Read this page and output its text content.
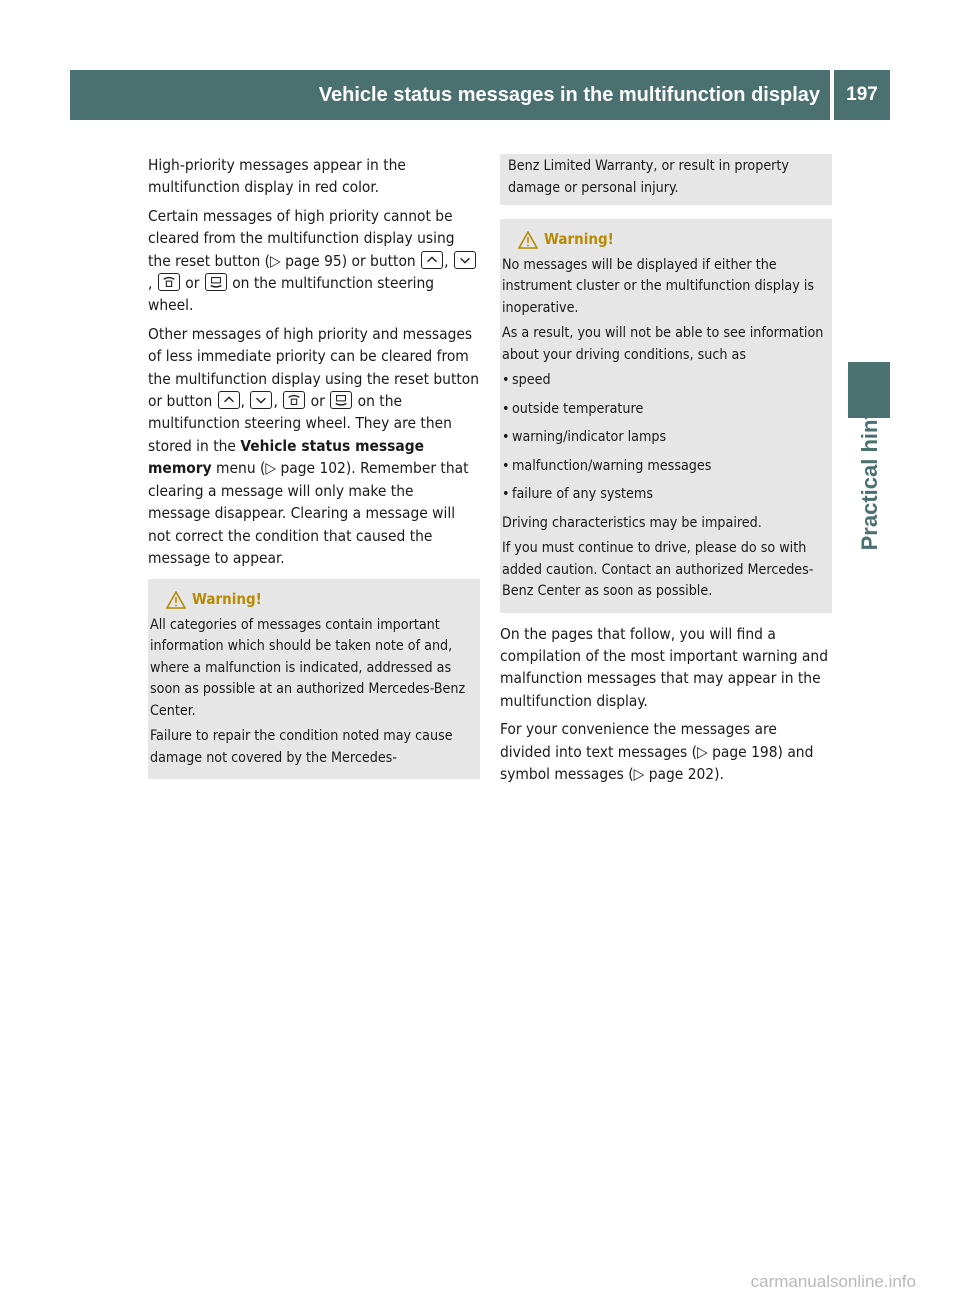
Vehicle status messages in the multifunction display	197
Practical hints

High-priority messages appear in the multifunction display in red color.

Certain messages of high priority cannot be cleared from the multifunction display using the reset button (▷ page 95) or button ,
, or on the multifunction steering wheel.

Other messages of high priority and messages of less immediate priority can be cleared from the multifunction display using the reset button or button , , or on the multifunction steering wheel. They are then stored in the Vehicle status message memory menu (▷ page 102). Remember that clearing a message will only make the message disappear. Clearing a message will not correct the condition that caused the message to appear.

Warning!

All categories of messages contain important information which should be taken note of and, where a malfunction is indicated, addressed as soon as possible at an authorized Mercedes-Benz Center.

Failure to repair the condition noted may cause damage not covered by the Mercedes-

Benz Limited Warranty, or result in property damage or personal injury.

Warning!

No messages will be displayed if either the instrument cluster or the multifunction display is inoperative.

As a result, you will not be able to see information about your driving conditions, such as

• speed
• outside temperature
• warning/indicator lamps
• malfunction/warning messages
• failure of any systems

Driving characteristics may be impaired.

If you must continue to drive, please do so with added caution. Contact an authorized Mercedes-Benz Center as soon as possible.

On the pages that follow, you will find a compilation of the most important warning and malfunction messages that may appear in the multifunction display.

For your convenience the messages are divided into text messages (▷ page 198) and symbol messages (▷ page 202).

carmanualsonline.info
